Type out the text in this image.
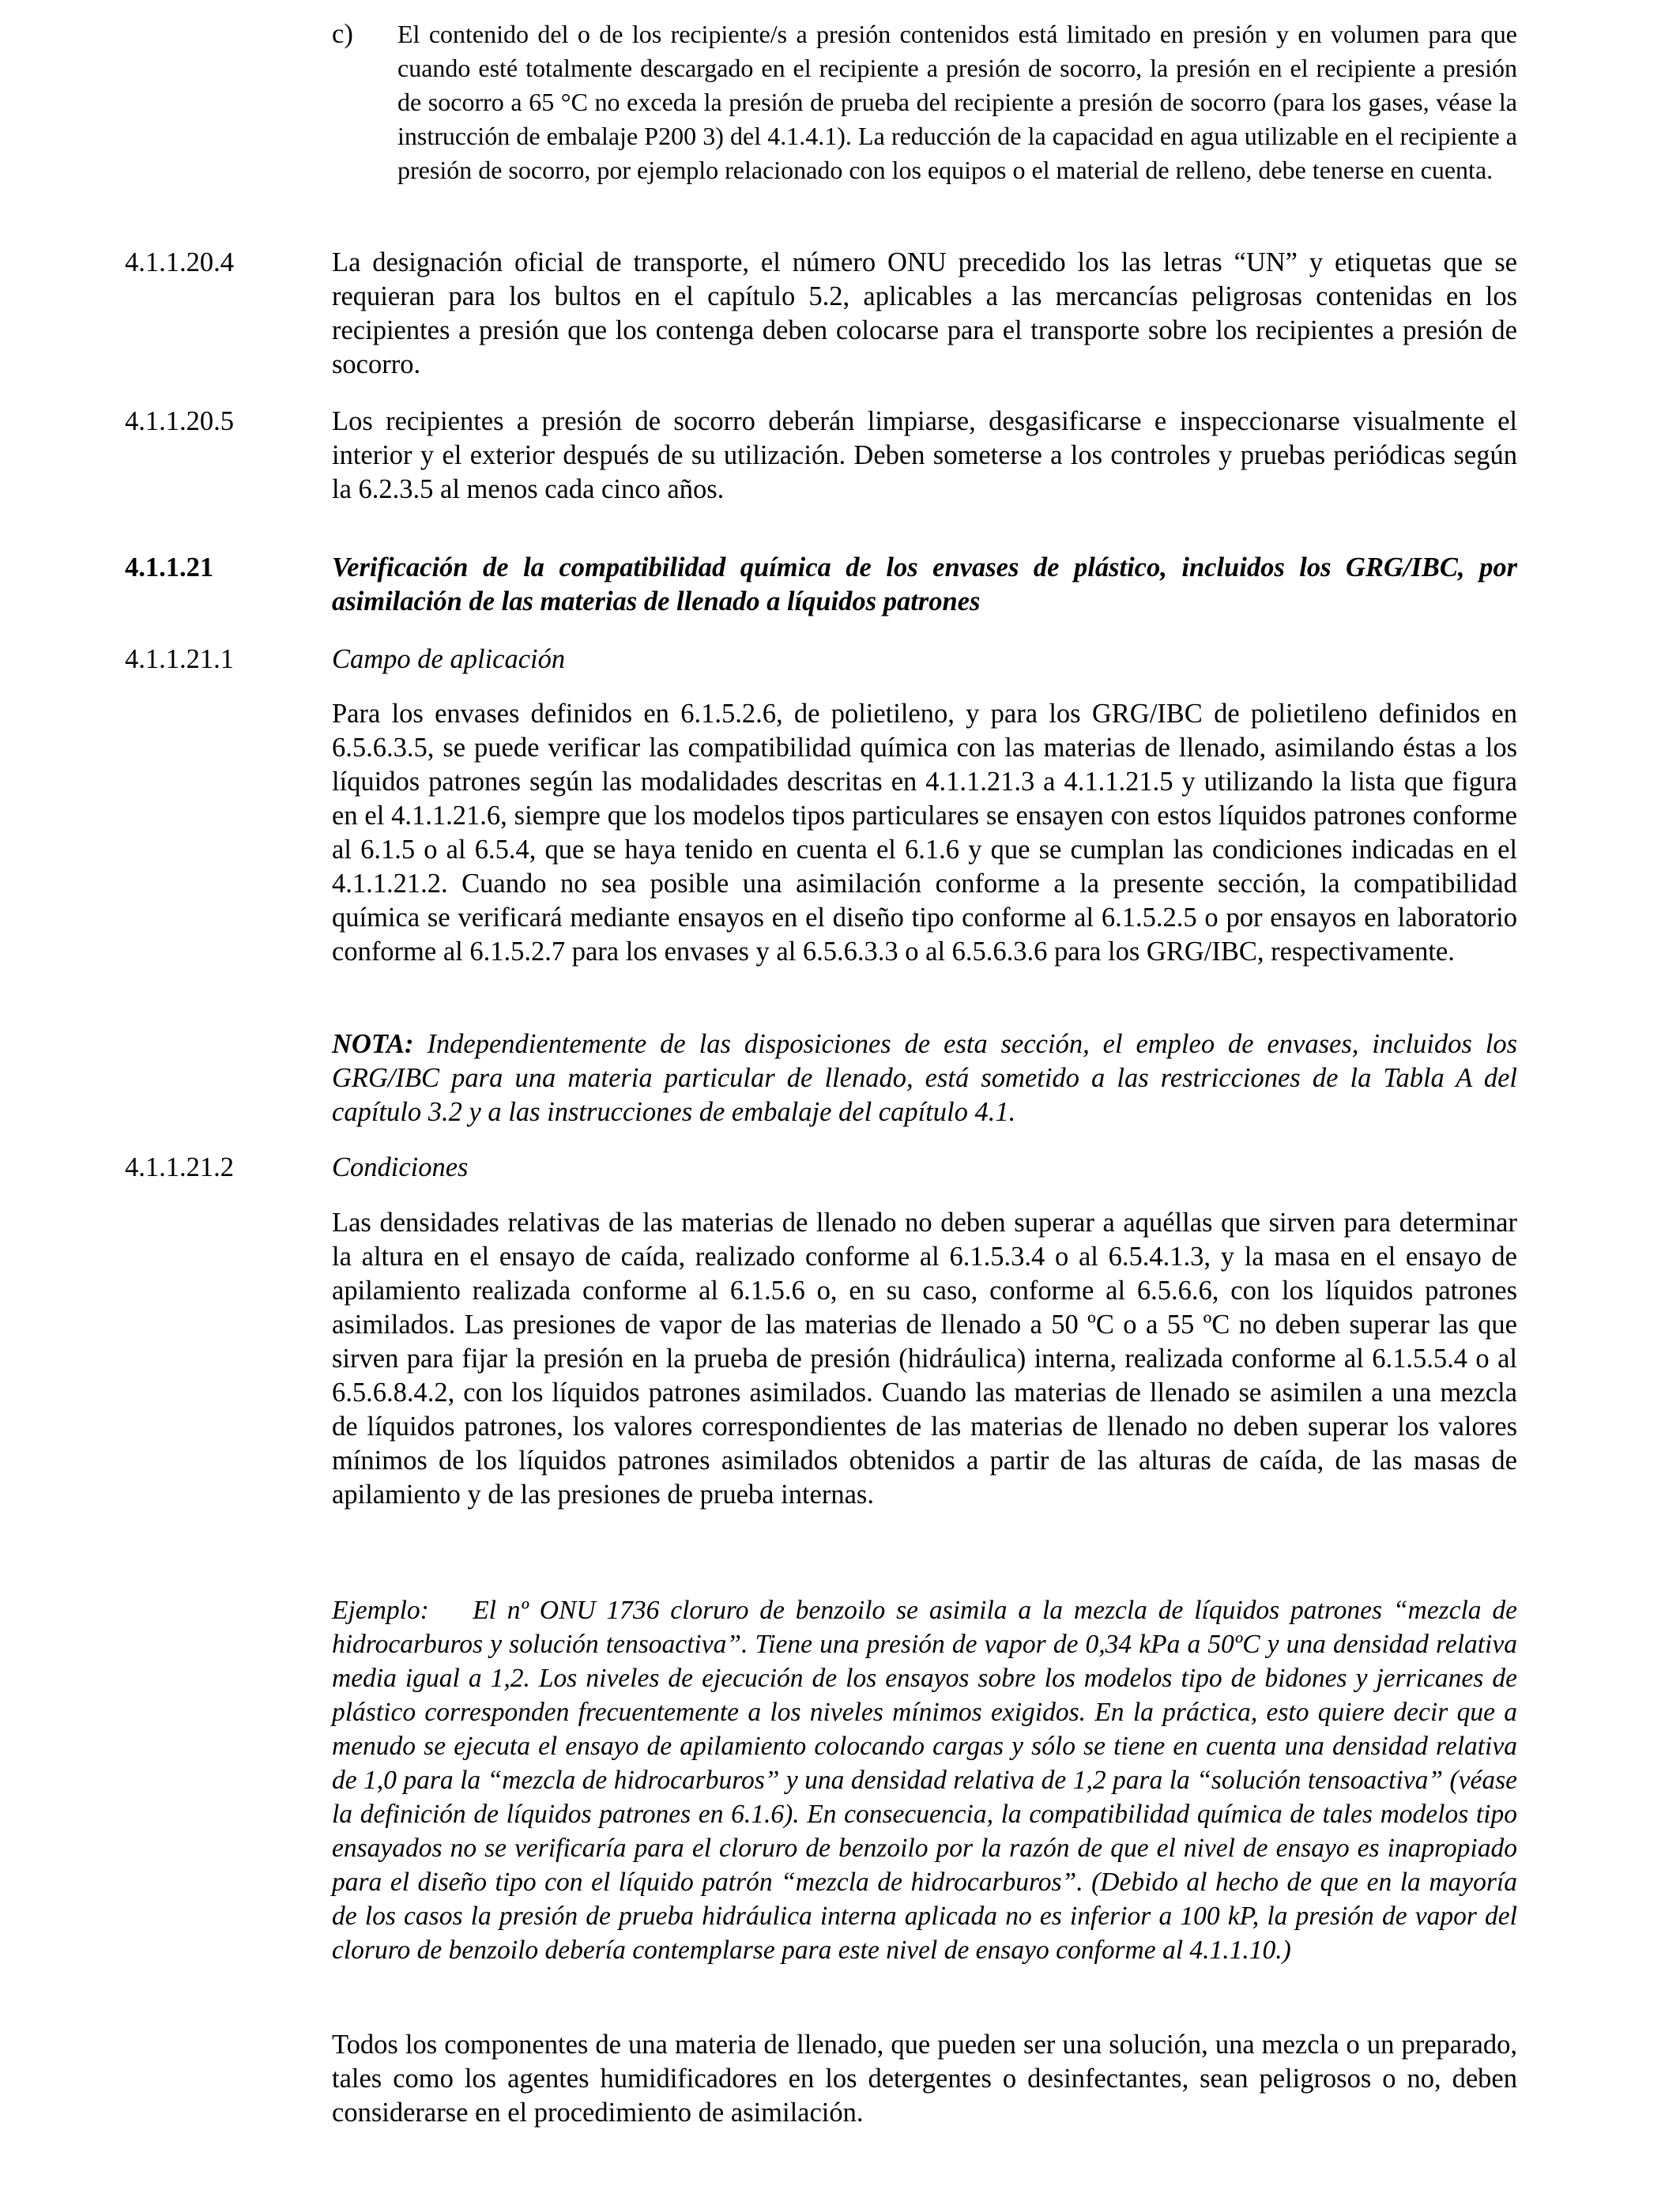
c) El contenido del o de los recipiente/s a presión contenidos está limitado en presión y en volumen para que cuando esté totalmente descargado en el recipiente a presión de socorro, la presión en el recipiente a presión de socorro a 65 °C no exceda la presión de prueba del recipiente a presión de socorro (para los gases, véase la instrucción de embalaje P200 3) del 4.1.4.1). La reducción de la capacidad en agua utilizable en el recipiente a presión de socorro, por ejemplo relacionado con los equipos o el material de relleno, debe tenerse en cuenta.
4.1.1.20.4	La designación oficial de transporte, el número ONU precedido los las letras “UN” y etiquetas que se requieran para los bultos en el capítulo 5.2, aplicables a las mercancías peligrosas contenidas en los recipientes a presión que los contenga deben colocarse para el transporte sobre los recipientes a presión de socorro.
4.1.1.20.5	Los recipientes a presión de socorro deberán limpiarse, desgasificarse e inspeccionarse visualmente el interior y el exterior después de su utilización. Deben someterse a los controles y pruebas periódicas según la 6.2.3.5 al menos cada cinco años.
4.1.1.21	Verificación de la compatibilidad química de los envases de plástico, incluidos los GRG/IBC, por asimilación de las materias de llenado a líquidos patrones
4.1.1.21.1	Campo de aplicación
Para los envases definidos en 6.1.5.2.6, de polietileno, y para los GRG/IBC de polietileno definidos en 6.5.6.3.5, se puede verificar las compatibilidad química con las materias de llenado, asimilando éstas a los líquidos patrones según las modalidades descritas en 4.1.1.21.3 a 4.1.1.21.5 y utilizando la lista que figura en el 4.1.1.21.6, siempre que los modelos tipos particulares se ensayen con estos líquidos patrones conforme al 6.1.5 o al 6.5.4, que se haya tenido en cuenta el 6.1.6 y que se cumplan las condiciones indicadas en el 4.1.1.21.2. Cuando no sea posible una asimilación conforme a la presente sección, la compatibilidad química se verificará mediante ensayos en el diseño tipo conforme al 6.1.5.2.5 o por ensayos en laboratorio conforme al 6.1.5.2.7 para los envases y al 6.5.6.3.3 o al 6.5.6.3.6 para los GRG/IBC, respectivamente.
NOTA: Independientemente de las disposiciones de esta sección, el empleo de envases, incluidos los GRG/IBC para una materia particular de llenado, está sometido a las restricciones de la Tabla A del capítulo 3.2 y a las instrucciones de embalaje del capítulo 4.1.
4.1.1.21.2	Condiciones
Las densidades relativas de las materias de llenado no deben superar a aquéllas que sirven para determinar la altura en el ensayo de caída, realizado conforme al 6.1.5.3.4 o al 6.5.4.1.3, y la masa en el ensayo de apilamiento realizada conforme al 6.1.5.6 o, en su caso, conforme al 6.5.6.6, con los líquidos patrones asimilados. Las presiones de vapor de las materias de llenado a 50 ºC o a 55 ºC no deben superar las que sirven para fijar la presión en la prueba de presión (hidráulica) interna, realizada conforme al 6.1.5.5.4 o al 6.5.6.8.4.2, con los líquidos patrones asimilados. Cuando las materias de llenado se asimilen a una mezcla de líquidos patrones, los valores correspondientes de las materias de llenado no deben superar los valores mínimos de los líquidos patrones asimilados obtenidos a partir de las alturas de caída, de las masas de apilamiento y de las presiones de prueba internas.
Ejemplo: El nº ONU 1736 cloruro de benzoilo se asimila a la mezcla de líquidos patrones “mezcla de hidrocarburos y solución tensoactiva”. Tiene una presión de vapor de 0,34 kPa a 50ºC y una densidad relativa media igual a 1,2. Los niveles de ejecución de los ensayos sobre los modelos tipo de bidones y jerricanes de plástico corresponden frecuentemente a los niveles mínimos exigidos. En la práctica, esto quiere decir que a menudo se ejecuta el ensayo de apilamiento colocando cargas y sólo se tiene en cuenta una densidad relativa de 1,0 para la “mezcla de hidrocarburos” y una densidad relativa de 1,2 para la “solución tensoactiva” (véase la definición de líquidos patrones en 6.1.6). En consecuencia, la compatibilidad química de tales modelos tipo ensayados no se verificaría para el cloruro de benzoilo por la razón de que el nivel de ensayo es inapropiado para el diseño tipo con el líquido patrón “mezcla de hidrocarburos”. (Debido al hecho de que en la mayoría de los casos la presión de prueba hidráulica interna aplicada no es inferior a 100 kP, la presión de vapor del cloruro de benzoilo debería contemplarse para este nivel de ensayo conforme al 4.1.1.10.)
Todos los componentes de una materia de llenado, que pueden ser una solución, una mezcla o un preparado, tales como los agentes humidificadores en los detergentes o desinfectantes, sean peligrosos o no, deben considerarse en el procedimiento de asimilación.
